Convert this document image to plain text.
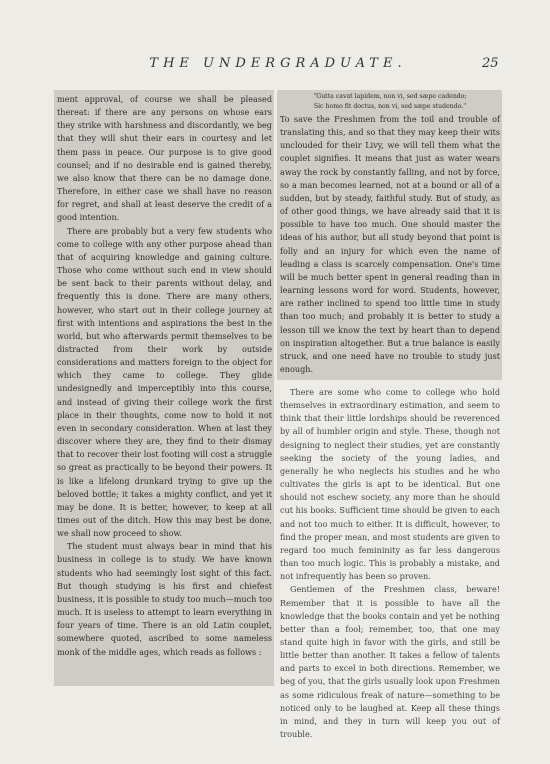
THE UNDERGRADUATE.	25

ment approval, of course we shall be pleased thereat: if there are any persons on whose ears they strike with harshness and discordantly, we beg that they will shut their ears in courtesy and let them pass in peace. Our purpose is to give good counsel; and if no desirable end is gained thereby, we also know that there can be no damage done. Therefore, in either case we shall have no reason for regret, and shall at least deserve the credit of a good intention.

There are probably but a very few students who come to college with any other purpose ahead than that of acquiring knowledge and gaining culture. Those who come without such end in view should be sent back to their parents without delay, and frequently this is done. There are many others, however, who start out in their college journey at first with intentions and aspirations the best in the world, but who afterwards permit themselves to be distracted from their work by outside considerations and matters foreign to the object for which they came to college. They glide undesignedly and imperceptibly into this course, and instead of giving their college work the first place in their thoughts, come now to hold it not even in secondary consideration. When at last they discover where they are, they find to their dismay that to recover their lost footing will cost a struggle so great as practically to be beyond their powers. It is like a lifelong drunkard trying to give up the beloved bottle; it takes a mighty conflict, and yet it may be done. It is better, however, to keep at all times out of the ditch. How this may best be done, we shall now proceed to show.

The student must always bear in mind that his business in college is to study. We have known students who had seemingly lost sight of this fact. But though studying is his first and chiefest business, it is possible to study too much—much too much. It is useless to attempt to learn everything in four years of time. There is an old Latin couplet, somewhere quoted, ascribed to some nameless monk of the middle ages, which reads as follows :

"Gutta cavat lapidem, non vi, sed sæpe cadendo;

Sic homo fit doctus, non vi, sed sæpe studendo."

To save the Freshmen from the toil and trouble of translating this, and so that they may keep their wits unclouded for their Livy, we will tell them what the couplet signifies. It means that just as water wears away the rock by constantly falling, and not by force, so a man becomes learned, not at a bound or all of a sudden, but by steady, faithful study. But of study, as of other good things, we have already said that it is possible to have too much. One should master the ideas of his author, but all study beyond that point is folly and an injury for which even the name of leading a class is scarcely compensation. One's time will be much better spent in general reading than in learning lessons word for word. Students, however, are rather inclined to spend too little time in study than too much; and probably it is better to study a lesson till we know the text by heart than to depend on inspiration altogether. But a true balance is easily struck, and one need have no trouble to study just enough.

There are some who come to college who hold themselves in extraordinary estimation, and seem to think that their little lordships should be reverenced by all of humbler origin and style. These, though not designing to neglect their studies, yet are constantly seeking the society of the young ladies, and generally he who neglects his studies and he who cultivates the girls is apt to be identical. But one should not eschew society, any more than he should cut his books. Sufficient time should be given to each and not too much to either. It is difficult, however, to find the proper mean, and most students are given to regard too much femininity as far less dangerous than too much logic. This is probably a mistake, and not infrequently has been so proven.

Gentlemen of the Freshmen class, beware! Remember that it is possible to have all the knowledge that the books contain and yet be nothing better than a fool; remember, too, that one may stand quite high in favor with the girls, and still be little better than another. It takes a fellow of talents and parts to excel in both directions. Remember, we beg of you, that the girls usually look upon Freshmen as some ridiculous freak of nature—something to be noticed only to be laughed at. Keep all these things in mind, and they in turn will keep you out of trouble.
